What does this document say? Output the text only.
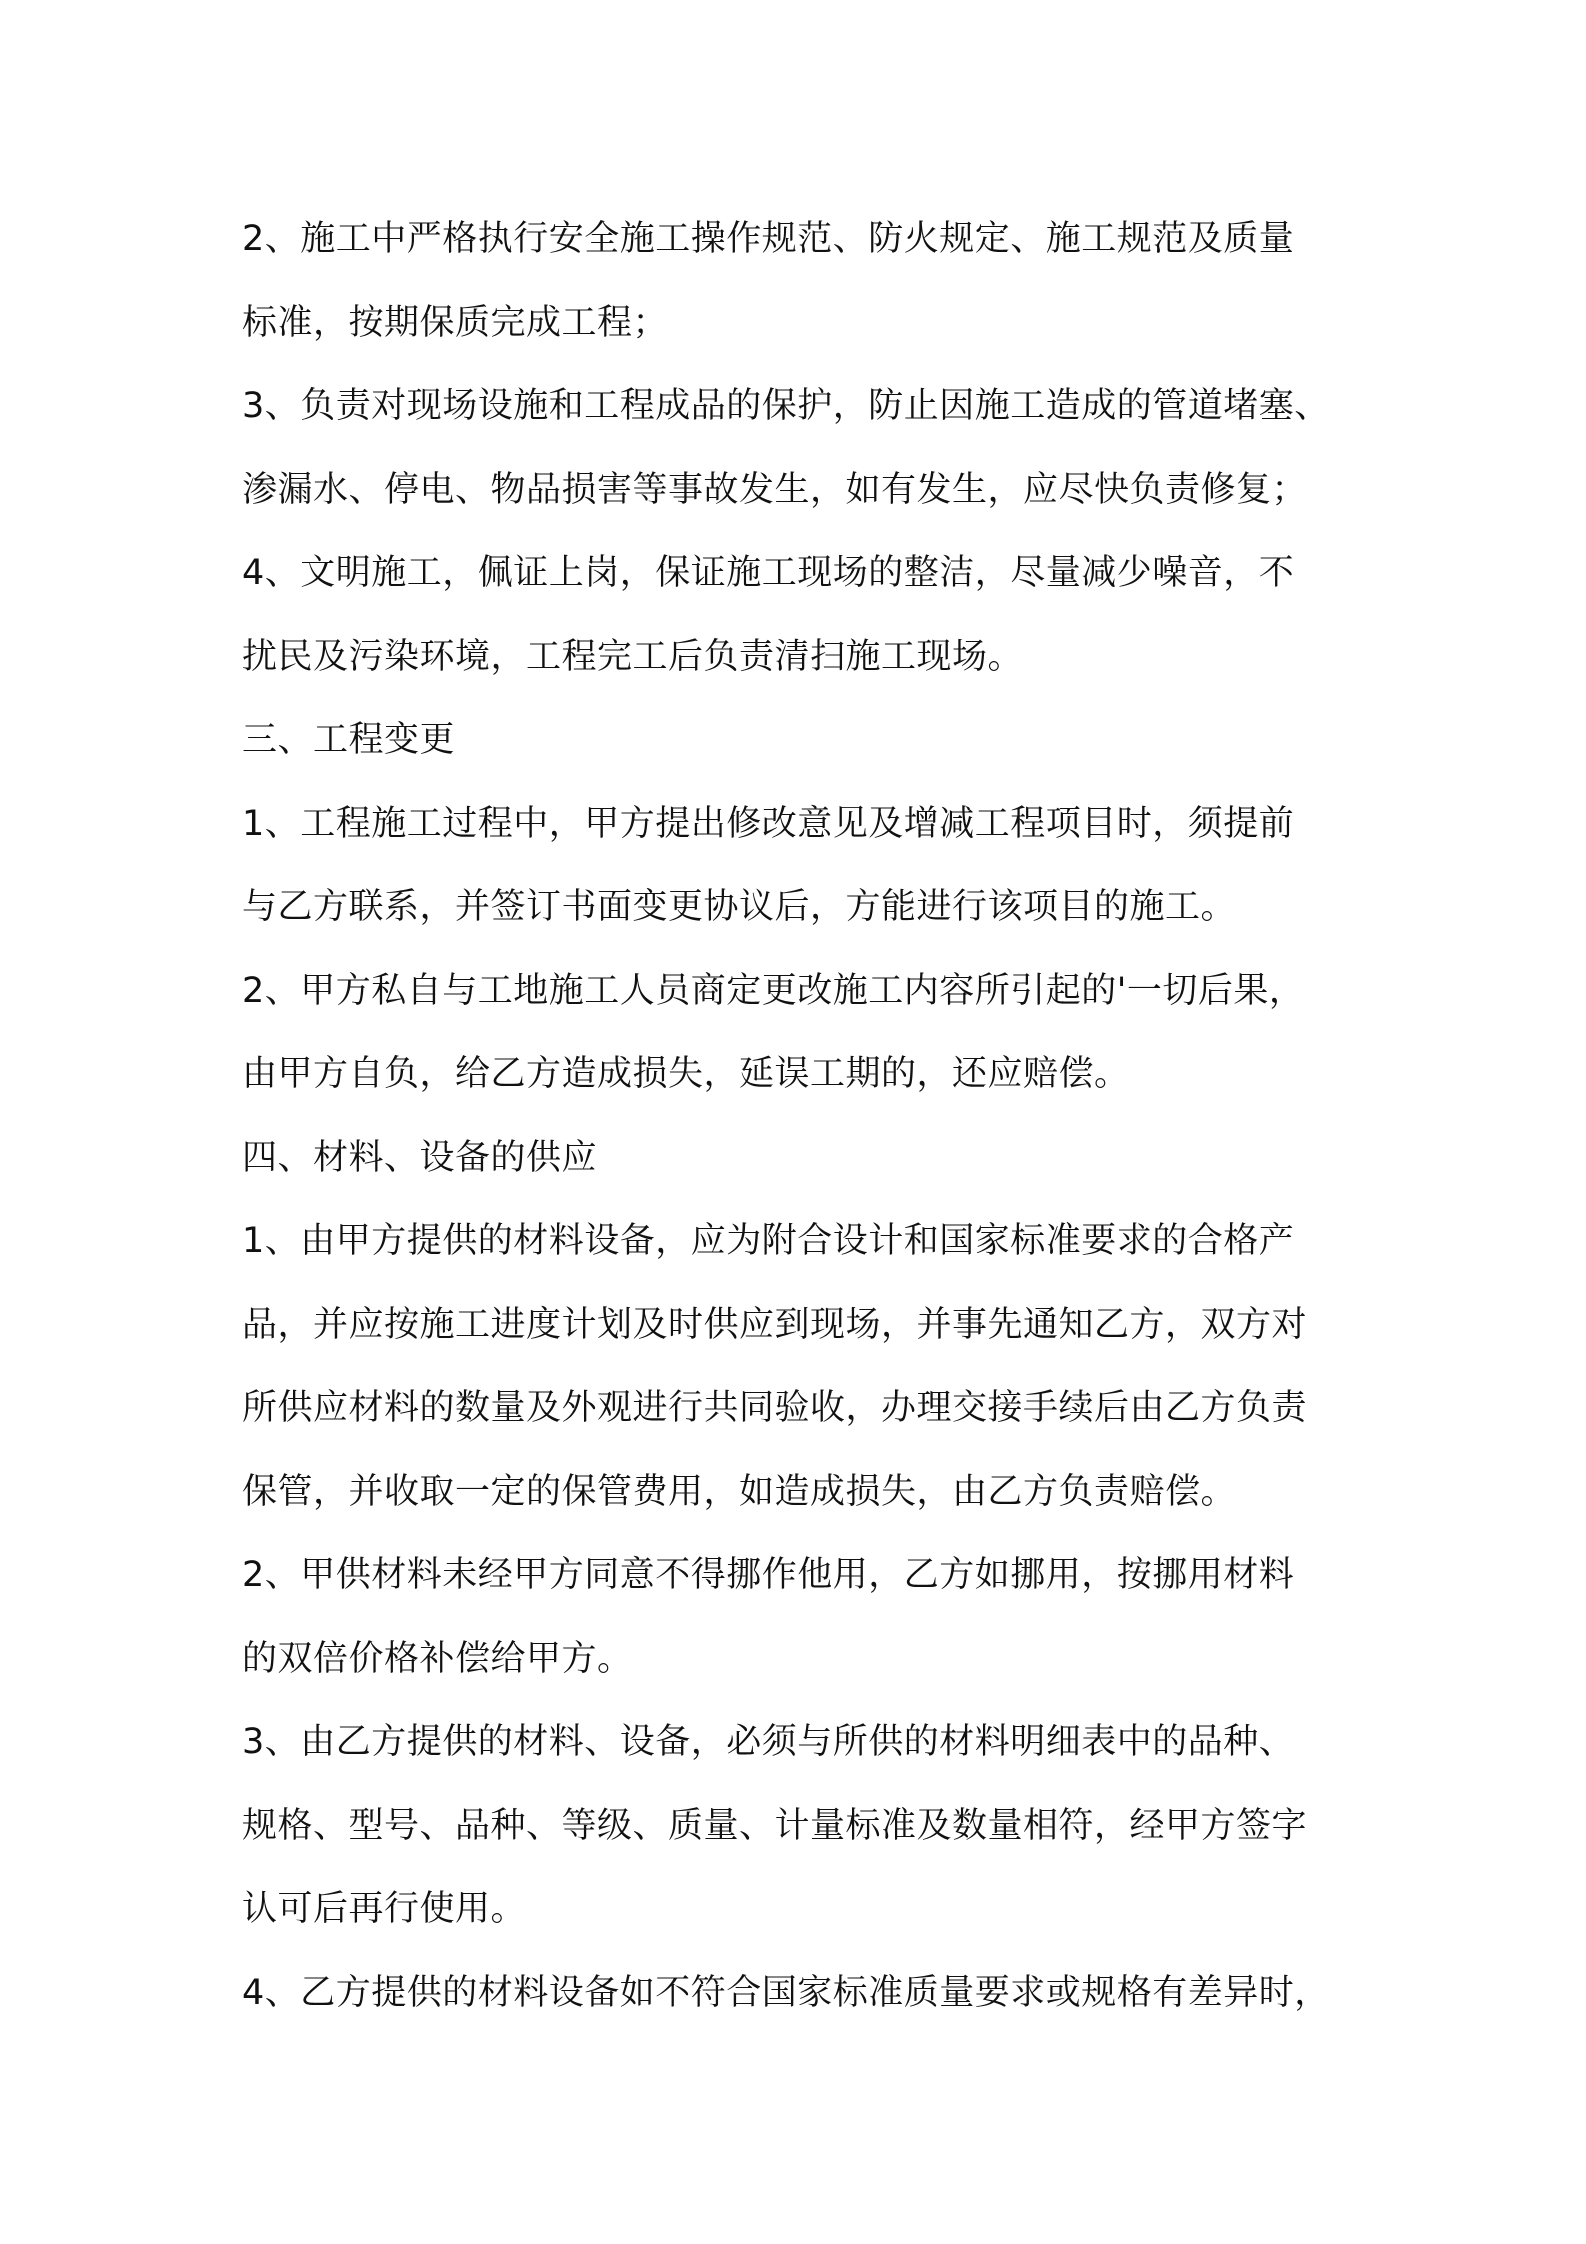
2、施工中严格执行安全施工操作规范、防火规定、施工规范及质量
标准，按期保质完成工程；
3、负责对现场设施和工程成品的保护，防止因施工造成的管道堵塞、
渗漏水、停电、物品损害等事故发生，如有发生，应尽快负责修复；
4、文明施工，佩证上岗，保证施工现场的整洁，尽量减少噪音，不
扰民及污染环境，工程完工后负责清扫施工现场。
三、工程变更
1、工程施工过程中，甲方提出修改意见及增减工程项目时，须提前
与乙方联系，并签订书面变更协议后，方能进行该项目的施工。
2、甲方私自与工地施工人员商定更改施工内容所引起的'一切后果，
由甲方自负，给乙方造成损失，延误工期的，还应赔偿。
四、材料、设备的供应
1、由甲方提供的材料设备，应为附合设计和国家标准要求的合格产
品，并应按施工进度计划及时供应到现场，并事先通知乙方，双方对
所供应材料的数量及外观进行共同验收，办理交接手续后由乙方负责
保管，并收取一定的保管费用，如造成损失，由乙方负责赔偿。
2、甲供材料未经甲方同意不得挪作他用，乙方如挪用，按挪用材料
的双倍价格补偿给甲方。
3、由乙方提供的材料、设备，必须与所供的材料明细表中的品种、
规格、型号、品种、等级、质量、计量标准及数量相符，经甲方签字
认可后再行使用。
4、乙方提供的材料设备如不符合国家标准质量要求或规格有差异时，
